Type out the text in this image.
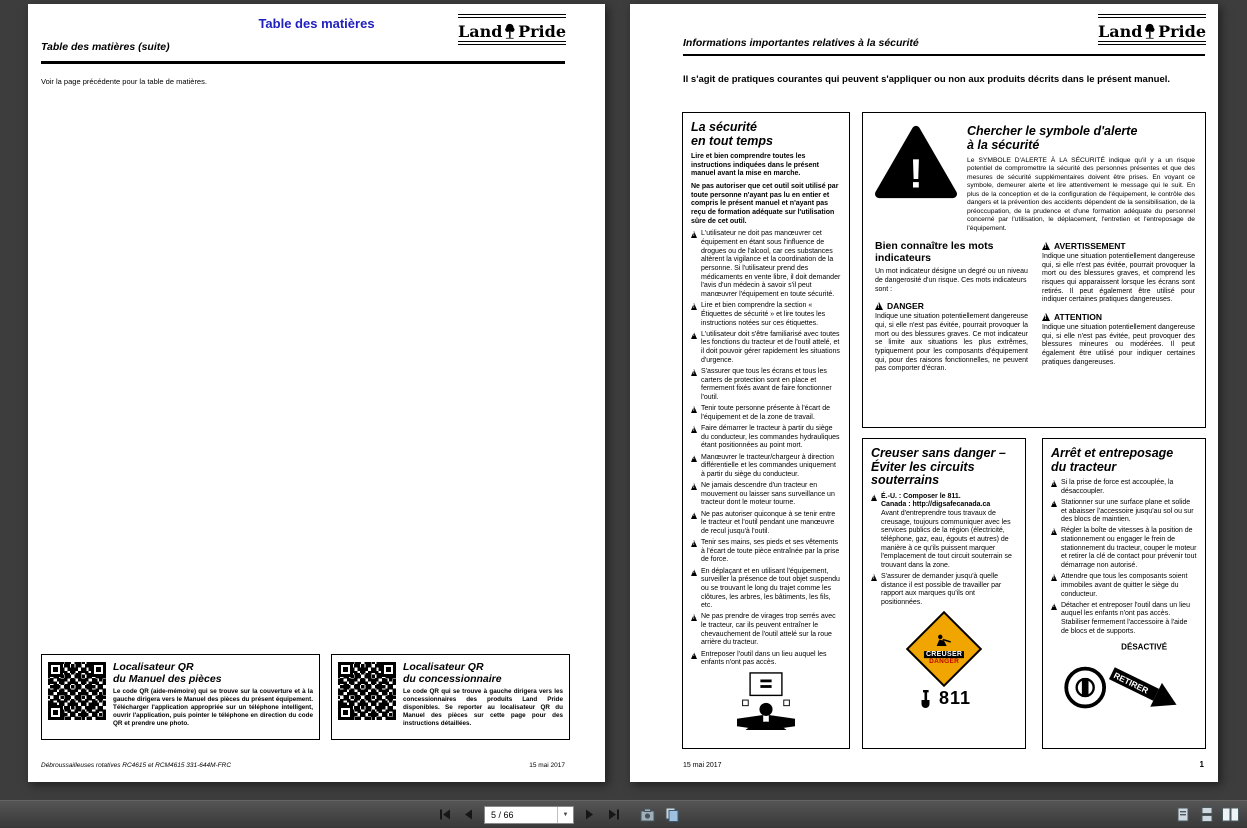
Table des matières
Table des matières (suite)
Land Pride
Voir la page précédente pour la table de matières.
Localisateur QR
du Manuel des pièces
Le code QR (aide-mémoire) qui se trouve sur la couverture et à la gauche dirigera vers le Manuel des pièces du présent équipement. Télécharger l'application appropriée sur un téléphone intelligent, ouvrir l'application, puis pointer le téléphone en direction du code QR et prendre une photo.
Localisateur QR
du concessionnaire
Le code QR qui se trouve à gauche dirigera vers les concessionnaires des produits Land Pride disponibles. Se reporter au localisateur QR du Manuel des pièces sur cette page pour des instructions détaillées.
Débroussailleuses rotatives RC4615 et RCM4615 331-644M-FRC	15 mai 2017
Informations importantes relatives à la sécurité
Land Pride
Il s'agit de pratiques courantes qui peuvent s'appliquer ou non aux produits décrits dans le présent manuel.
La sécurité
en tout temps
Lire et bien comprendre toutes les instructions indiquées dans le présent manuel avant la mise en marche.
Ne pas autoriser que cet outil soit utilisé par toute personne n'ayant pas lu en entier et compris le présent manuel et n'ayant pas reçu de formation adéquate sur l'utilisation sûre de cet outil.
!
L'utilisateur ne doit pas manœuvrer cet équipement en étant sous l'influence de drogues ou de l'alcool, car ces substances altèrent la vigilance et la coordination de la personne. Si l'utilisateur prend des médicaments en vente libre, il doit demander l'avis d'un médecin à savoir s'il peut manœuvrer l'équipement en toute sécurité.
!
Lire et bien comprendre la section « Étiquettes de sécurité » et lire toutes les instructions notées sur ces étiquettes.
!
L'utilisateur doit s'être familiarisé avec toutes les fonctions du tracteur et de l'outil attelé, et il doit pouvoir gérer rapidement les situations d'urgence.
!
S'assurer que tous les écrans et tous les carters de protection sont en place et fermement fixés avant de faire fonctionner l'outil.
!
Tenir toute personne présente à l'écart de l'équipement et de la zone de travail.
!
Faire démarrer le tracteur à partir du siège du conducteur, les commandes hydrauliques étant positionnées au point mort.
!
Manœuvrer le tracteur/chargeur à direction différentielle et les commandes uniquement à partir du siège du conducteur.
!
Ne jamais descendre d'un tracteur en mouvement ou laisser sans surveillance un tracteur dont le moteur tourne.
!
Ne pas autoriser quiconque à se tenir entre le tracteur et l'outil pendant une manœuvre de recul jusqu'à l'outil.
!
Tenir ses mains, ses pieds et ses vêtements à l'écart de toute pièce entraînée par la prise de force.
!
En déplaçant et en utilisant l'équipement, surveiller la présence de tout objet suspendu ou se trouvant le long du trajet comme les clôtures, les arbres, les bâtiments, les fils, etc.
!
Ne pas prendre de virages trop serrés avec le tracteur, car ils peuvent entraîner le chevauchement de l'outil attelé sur la roue arrière du tracteur.
!
Entreposer l'outil dans un lieu auquel les enfants n'ont pas accès.
!
Chercher le symbole d'alerte
à la sécurité
Le SYMBOLE D'ALERTE À LA SÉCURITÉ indique qu'il y a un risque potentiel de compromettre la sécurité des personnes présentes et que des mesures de sécurité supplémentaires doivent être prises. En voyant ce symbole, demeurer alerte et lire attentivement le message qui le suit. En plus de la conception et de la configuration de l'équipement, le contrôle des dangers et la prévention des accidents dépendent de la sensibilisation, de la préoccupation, de la prudence et d'une formation adéquate du personnel concerné par l'utilisation, le déplacement, l'entretien et l'entreposage de l'équipement.
Bien connaître les mots indicateurs
Un mot indicateur désigne un degré ou un niveau de dangerosité d'un risque. Ces mots indicateurs sont :
!
DANGER
Indique une situation potentiellement dangereuse qui, si elle n'est pas évitée, pourrait provoquer la mort ou des blessures graves. Ce mot indicateur se limite aux situations les plus extrêmes, typiquement pour les composants d'équipement qui, pour des raisons fonctionnelles, ne peuvent pas comporter d'écran.
!
AVERTISSEMENT
Indique une situation potentiellement dangereuse qui, si elle n'est pas évitée, pourrait provoquer la mort ou des blessures graves, et comprend les risques qui apparaissent lorsque les écrans sont retirés. Il peut également être utilisé pour indiquer certaines pratiques dangereuses.
!
ATTENTION
Indique une situation potentiellement dangereuse qui, si elle n'est pas évitée, peut provoquer des blessures mineures ou modérées. Il peut également être utilisé pour indiquer certaines pratiques dangereuses.
Creuser sans danger –
Éviter les circuits
souterrains
!
É.-U. : Composer le 811.
Canada : http://digsafecanada.ca
Avant d'entreprendre tous travaux de creusage, toujours communiquer avec les services publics de la région (électricité, téléphone, gaz, eau, égouts et autres) de manière à ce qu'ils puissent marquer l'emplacement de tout circuit souterrain se trouvant dans la zone.
!
S'assurer de demander jusqu'à quelle distance il est possible de travailler par rapport aux marques qu'ils ont positionnées.
CREUSER
DANGER
811
Arrêt et entreposage
du tracteur
!
Si la prise de force est accouplée, la désaccoupler.
!
Stationner sur une surface plane et solide et abaisser l'accessoire jusqu'au sol ou sur des blocs de maintien.
!
Régler la boîte de vitesses à la position de stationnement ou engager le frein de stationnement du tracteur, couper le moteur et retirer la clé de contact pour prévenir tout démarrage non autorisé.
!
Attendre que tous les composants soient immobiles avant de quitter le siège du conducteur.
!
Détacher et entreposer l'outil dans un lieu auquel les enfants n'ont pas accès. Stabiliser fermement l'accessoire à l'aide de blocs et de supports.
DÉSACTIVÉ
RETIRER
15 mai 2017	1
5 / 66
▼
